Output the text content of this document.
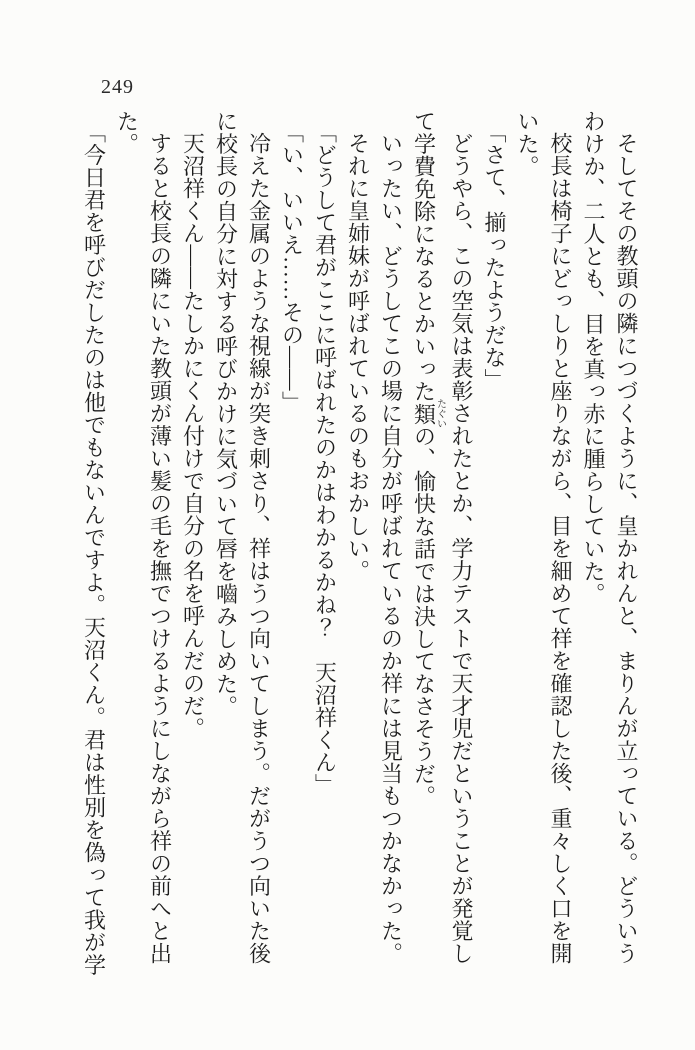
249
そしてその教頭の隣につづくように、皇かれんと、まりんが立っている。どういう
わけか、二人とも、目を真っ赤に腫らしていた。
校長は椅子にどっしりと座りながら、目を細めて祥を確認した後、重々しく口を開
いた。
「さて、揃ったようだな」
どうやら、この空気は表彰されたとか、学力テストで天才児だということが発覚し
て学費免除になるとかいった類たぐいの、愉快な話では決してなさそうだ。
いったい、どうしてこの場に自分が呼ばれているのか祥には見当もつかなかった。
それに皇姉妹が呼ばれているのもおかしい。
「どうして君がここに呼ばれたのかはわかるかね？　天沼祥くん」
「い、いいえ……その――」
冷えた金属のような視線が突き刺さり、祥はうつ向いてしまう。だがうつ向いた後
に校長の自分に対する呼びかけに気づいて唇を嚙みしめた。
天沼祥くん――たしかにくん付けで自分の名を呼んだのだ。
すると校長の隣にいた教頭が薄い髪の毛を撫でつけるようにしながら祥の前へと出
た。
「今日君を呼びだしたのは他でもないんですよ。天沼くん。君は性別を偽って我が学
